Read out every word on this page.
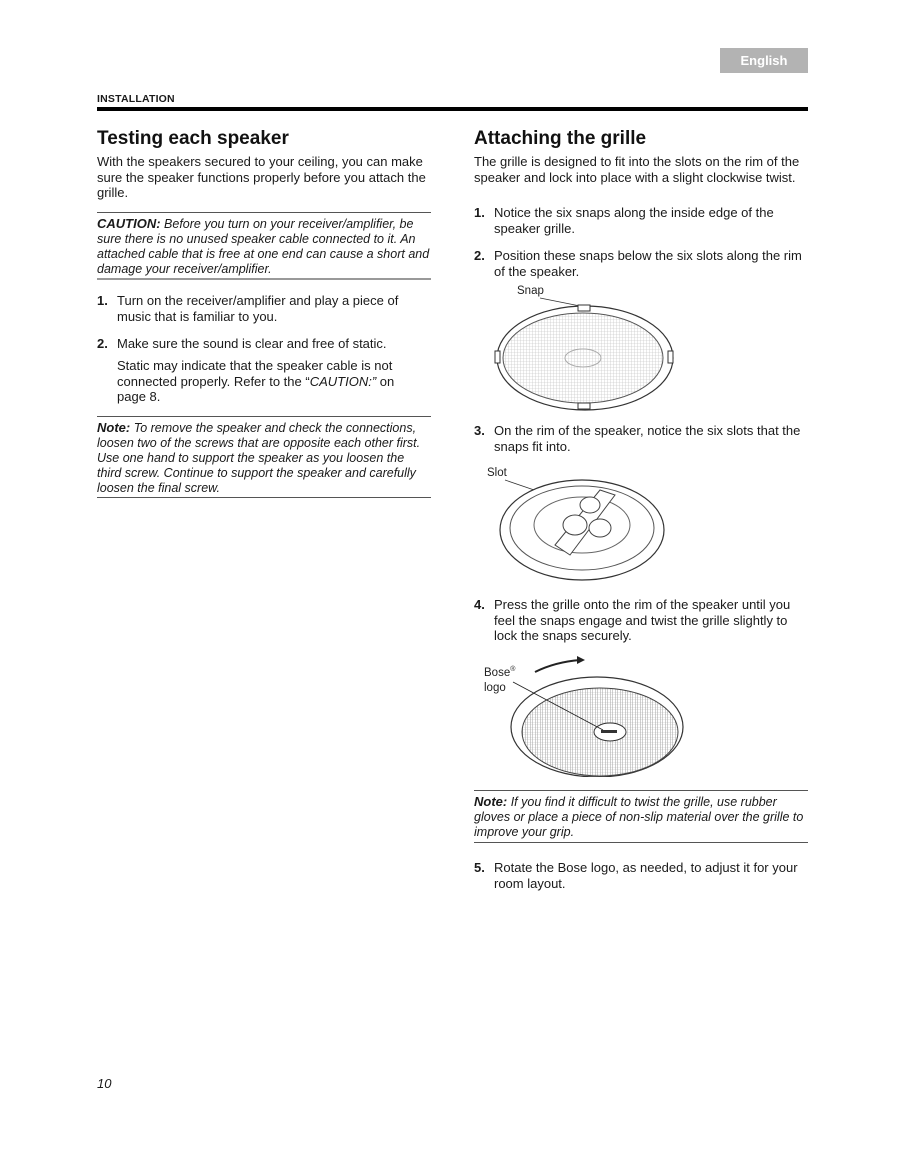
English
INSTALLATION
Testing each speaker

With the speakers secured to your ceiling, you can make sure the speaker functions properly before you attach the grille.

CAUTION: Before you turn on your receiver/amplifier, be sure there is no unused speaker cable connected to it. An attached cable that is free at one end can cause a short and damage your receiver/amplifier.

1. Turn on the receiver/amplifier and play a piece of music that is familiar to you.
2. Make sure the sound is clear and free of static.

Static may indicate that the speaker cable is not connected properly. Refer to the “CAUTION:” on page 8.

Note: To remove the speaker and check the connections, loosen two of the screws that are opposite each other first. Use one hand to support the speaker as you loosen the third screw. Continue to support the speaker and carefully loosen the final screw.

Attaching the grille

The grille is designed to fit into the slots on the rim of the speaker and lock into place with a slight clockwise twist.

1. Notice the six snaps along the inside edge of the speaker grille.
2. Position these snaps below the six slots along the rim of the speaker.
Snap
3. On the rim of the speaker, notice the six slots that the snaps fit into.
Slot
4. Press the grille onto the rim of the speaker until you feel the snaps engage and twist the grille slightly to lock the snaps securely.
Bose®
logo

Note: If you find it difficult to twist the grille, use rubber gloves or place a piece of non-slip material over the grille to improve your grip.

5. Rotate the Bose logo, as needed, to adjust it for your room layout.
10
